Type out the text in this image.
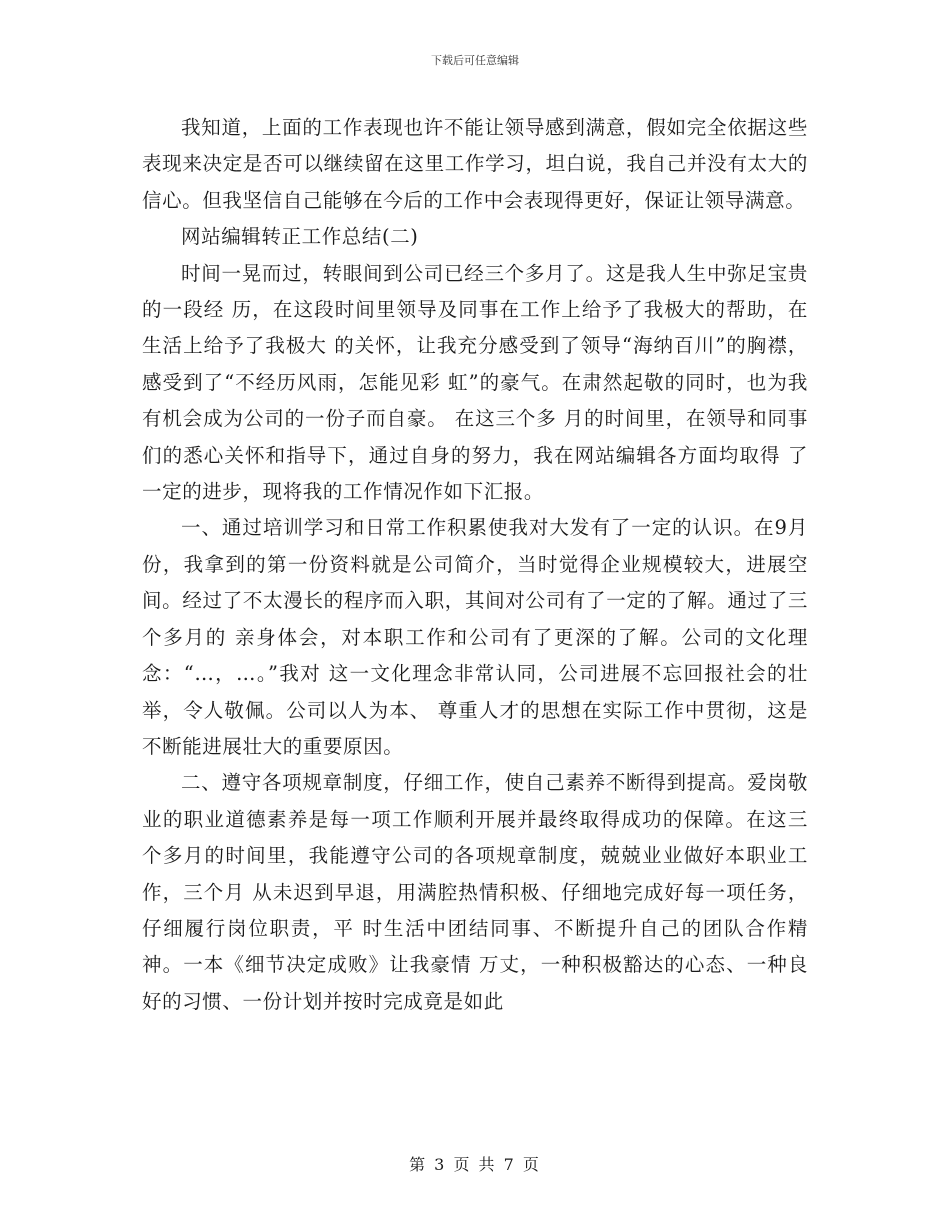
下载后可任意编辑

我知道，上面的工作表现也许不能让领导感到满意，假如完全依据这些表现来决定是否可以继续留在这里工作学习，坦白说，我自己并没有太大的信心。但我坚信自己能够在今后的工作中会表现得更好，保证让领导满意。

网站编辑转正工作总结(二)

时间一晃而过，转眼间到公司已经三个多月了。这是我人生中弥足宝贵的一段经 历，在这段时间里领导及同事在工作上给予了我极大的帮助，在生活上给予了我极大 的关怀，让我充分感受到了领导“海纳百川”的胸襟，感受到了“不经历风雨，怎能见彩 虹”的豪气。在肃然起敬的同时，也为我有机会成为公司的一份子而自豪。 在这三个多 月的时间里，在领导和同事们的悉心关怀和指导下，通过自身的努力，我在网站编辑各方面均取得 了一定的进步，现将我的工作情况作如下汇报。

一、通过培训学习和日常工作积累使我对大发有了一定的认识。在9月份，我拿到的第一份资料就是公司简介，当时觉得企业规模较大，进展空 间。经过了不太漫长的程序而入职，其间对公司有了一定的了解。通过了三个多月的 亲身体会，对本职工作和公司有了更深的了解。公司的文化理念：“…，…。”我对 这一文化理念非常认同，公司进展不忘回报社会的壮举，令人敬佩。公司以人为本、 尊重人才的思想在实际工作中贯彻，这是不断能进展壮大的重要原因。

二、遵守各项规章制度，仔细工作，使自己素养不断得到提高。爱岗敬业的职业道德素养是每一项工作顺利开展并最终取得成功的保障。在这三 个多月的时间里，我能遵守公司的各项规章制度，兢兢业业做好本职业工作，三个月 从未迟到早退，用满腔热情积极、仔细地完成好每一项任务，仔细履行岗位职责，平 时生活中团结同事、不断提升自己的团队合作精神。一本《细节决定成败》让我豪情 万丈，一种积极豁达的心态、一种良好的习惯、一份计划并按时完成竟是如此

第 3 页 共 7 页
